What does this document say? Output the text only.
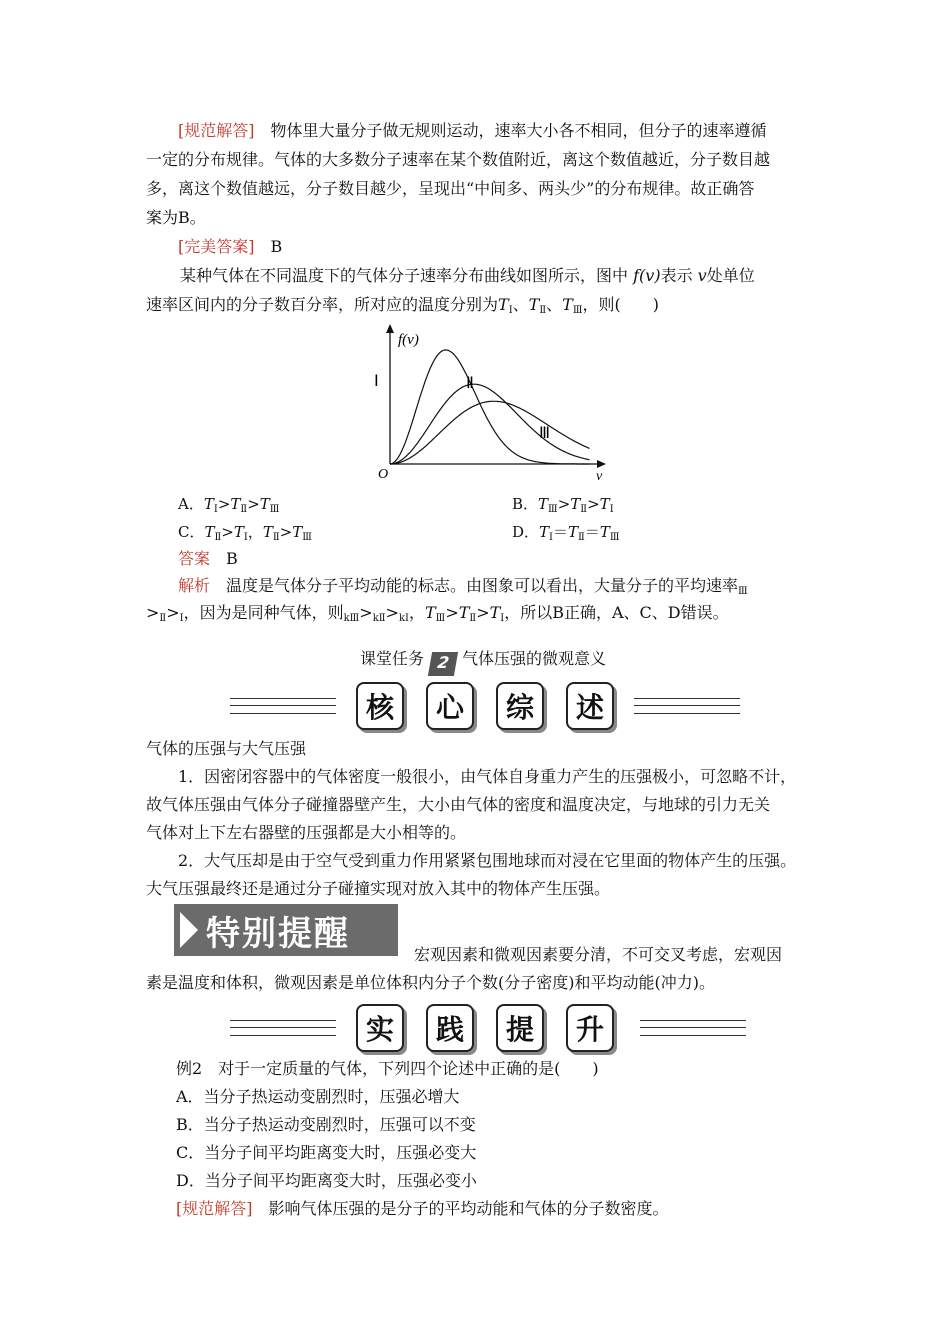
[规范解答]　 物体里大量分子做无规则运动，速率大小各不相同，但分子的速率遵循
一定的分布规律。气体的大多数分子速率在某个数值附近，离这个数值越近，分子数目越
多，离这个数值越远，分子数目越少，呈现出“中间多、两头少”的分布规律。故正确答
案为B。
[完美答案]　 B
某种气体在不同温度下的气体分子速率分布曲线如图所示，图中 f(v)表示 v处单位
速率区间内的分子数百分率，所对应的温度分别为$T_Ⅰ$、$T_Ⅱ$、$T_Ⅲ$，则(　　)
f(v)
v
O
Ⅰ	Ⅱ
Ⅲ
A．$T_Ⅰ>T_Ⅱ>T_Ⅲ$	B．$T_Ⅲ>T_Ⅱ>T_Ⅰ$
C．$T_Ⅱ>T_Ⅰ$，$T_Ⅱ>T_Ⅲ$	D．$T_Ⅰ=T_Ⅱ=T_Ⅲ$
答案　 B
解析　 温度是气体分子平均动能的标志。由图象可以看出，大量分子的平均速率$_Ⅲ$
$>_Ⅱ>_Ⅰ$，因为是同种气体，则$_{kⅢ}>_{kⅡ}>_{kⅠ}$，$T_Ⅲ>T_Ⅱ>T_Ⅰ$，所以B正确，A、C、D错误。
课堂任务 2 气体压强的微观意义
核	心	综	述
气体的压强与大气压强
1．因密闭容器中的气体密度一般很小，由气体自身重力产生的压强极小，可忽略不计，
故气体压强由气体分子碰撞器壁产生，大小由气体的密度和温度决定，与地球的引力无关
气体对上下左右器壁的压强都是大小相等的。
2．大气压却是由于空气受到重力作用紧紧包围地球而对浸在它里面的物体产生的压强。
大气压强最终还是通过分子碰撞实现对放入其中的物体产生压强。
特别提醒
宏观因素和微观因素要分清，不可交叉考虑，宏观因
素是温度和体积，微观因素是单位体积内分子个数(分子密度)和平均动能(冲力)。
实	践	提	升
例2　对于一定质量的气体，下列四个论述中正确的是(　　)
A．当分子热运动变剧烈时，压强必增大
B．当分子热运动变剧烈时，压强可以不变
C．当分子间平均距离变大时，压强必变大
D．当分子间平均距离变大时，压强必变小
[规范解答]　 影响气体压强的是分子的平均动能和气体的分子数密度。
